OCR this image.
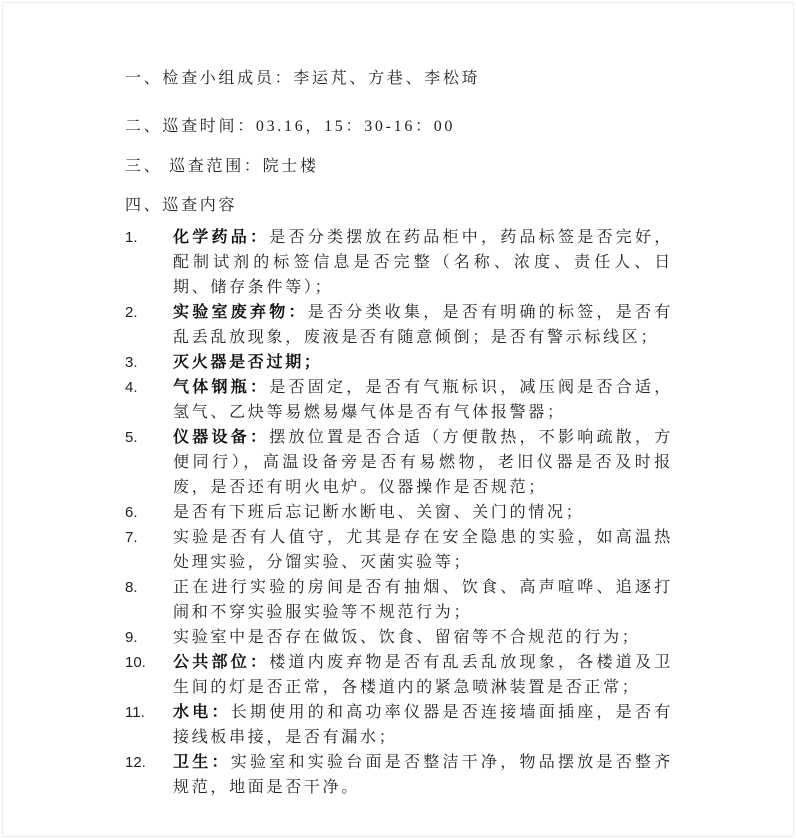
一、检查小组成员：李运芃、方巷、李松琦
二、巡查时间：03.16，15：30-16：00
三、 巡查范围：院士楼
四、巡查内容
1.	化学药品：是否分类摆放在药品柜中，药品标签是否完好，配制试剂的标签信息是否完整（名称、浓度、责任人、日期、储存条件等）；
2.	实验室废弃物：是否分类收集，是否有明确的标签，是否有乱丢乱放现象，废液是否有随意倾倒；是否有警示标线区；
3.	灭火器是否过期；
4.	气体钢瓶：是否固定，是否有气瓶标识，减压阀是否合适，氢气、乙炔等易燃易爆气体是否有气体报警器；
5.	仪器设备：摆放位置是否合适（方便散热，不影响疏散，方便同行），高温设备旁是否有易燃物，老旧仪器是否及时报废，是否还有明火电炉。仪器操作是否规范；
6.	是否有下班后忘记断水断电、关窗、关门的情况；
7.	实验是否有人值守，尤其是存在安全隐患的实验，如高温热处理实验，分馏实验、灭菌实验等；
8.	正在进行实验的房间是否有抽烟、饮食、高声喧哗、追逐打闹和不穿实验服实验等不规范行为；
9.	实验室中是否存在做饭、饮食、留宿等不合规范的行为；
10.	公共部位：楼道内废弃物是否有乱丢乱放现象，各楼道及卫生间的灯是否正常，各楼道内的紧急喷淋装置是否正常；
11.	水电：长期使用的和高功率仪器是否连接墙面插座，是否有接线板串接，是否有漏水；
12.	卫生：实验室和实验台面是否整洁干净，物品摆放是否整齐规范，地面是否干净。
